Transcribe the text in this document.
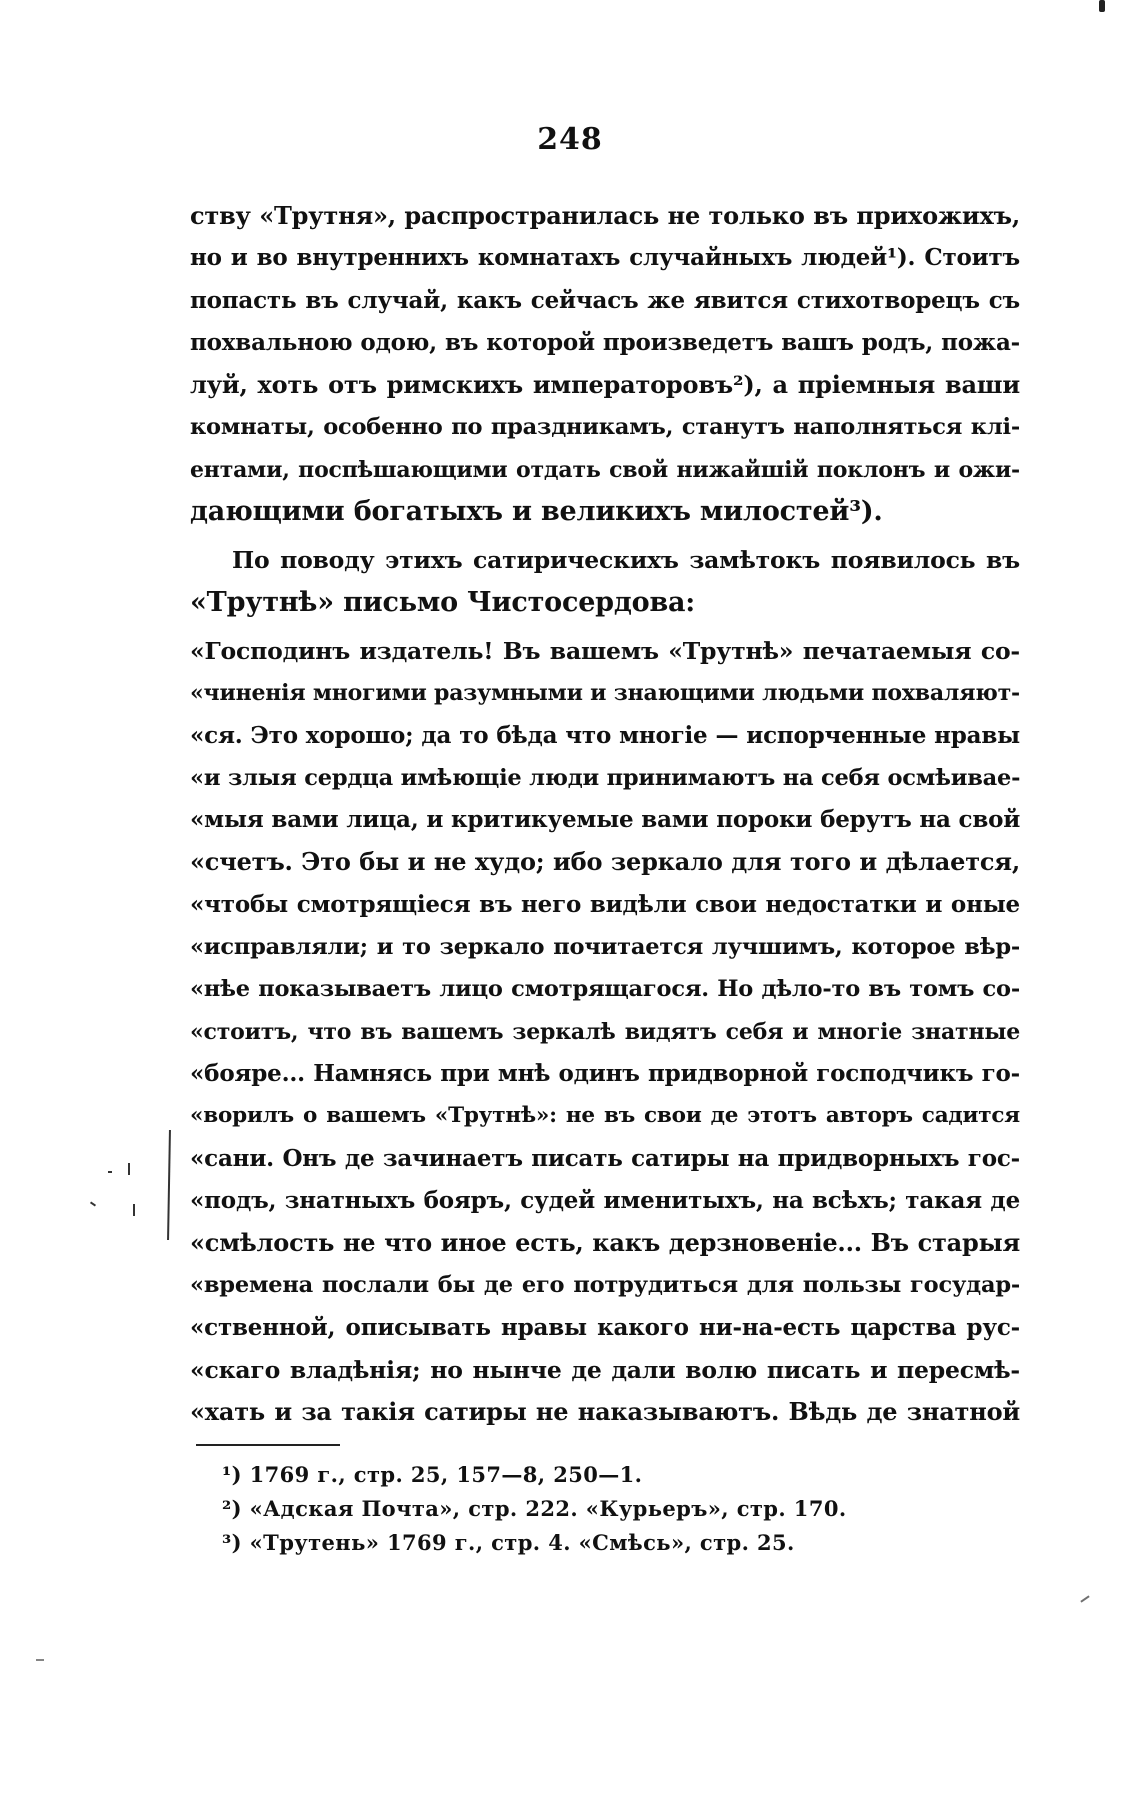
248
ству «Трутня», распространилась не только въ прихожихъ,
но и во внутреннихъ комнатахъ случайныхъ людей¹). Стоитъ
попасть въ случай, какъ сейчасъ же явится стихотворецъ съ
похвальною одою, въ которой произведетъ вашъ родъ, пожа-
луй, хоть отъ римскихъ императоровъ²), а пріемныя ваши
комнаты, особенно по праздникамъ, станутъ наполняться клі-
ентами, поспѣшающими отдать свой нижайшій поклонъ и ожи-
дающими богатыхъ и великихъ милостей³).
По поводу этихъ сатирическихъ замѣтокъ появилось въ
«Трутнѣ» письмо Чистосердова:
«Господинъ издатель! Въ вашемъ «Трутнѣ» печатаемыя со-
«чиненія многими разумными и знающими людьми похваляют-
«ся. Это хорошо; да то бѣда что многіе — испорченные нравы
«и злыя сердца имѣющіе люди принимаютъ на себя осмѣивае-
«мыя вами лица, и критикуемые вами пороки берутъ на свой
«счетъ. Это бы и не худо; ибо зеркало для того и дѣлается,
«чтобы смотрящіеся въ него видѣли свои недостатки и оные
«исправляли; и то зеркало почитается лучшимъ, которое вѣр-
«нѣе показываетъ лицо смотрящагося. Но дѣло-то въ томъ со-
«стоитъ, что въ вашемъ зеркалѣ видятъ себя и многіе знатные
«бояре... Намнясь при мнѣ одинъ придворной господчикъ го-
«ворилъ о вашемъ «Трутнѣ»: не въ свои де этотъ авторъ садится
«сани. Онъ де зачинаетъ писать сатиры на придворныхъ гос-
«подъ, знатныхъ бояръ, судей именитыхъ, на всѣхъ; такая де
«смѣлость не что иное есть, какъ дерзновеніе... Въ старыя
«времена послали бы де его потрудиться для пользы государ-
«ственной, описывать нравы какого ни-на-есть царства рус-
«скаго владѣнія; но нынче де дали волю писать и пересмѣ-
«хать и за такія сатиры не наказываютъ. Вѣдь де знатной
¹) 1769 г., стр. 25, 157—8, 250—1.
²) «Адская Почта», стр. 222. «Курьеръ», стр. 170.
³) «Трутень» 1769 г., стр. 4. «Смѣсь», стр. 25.
